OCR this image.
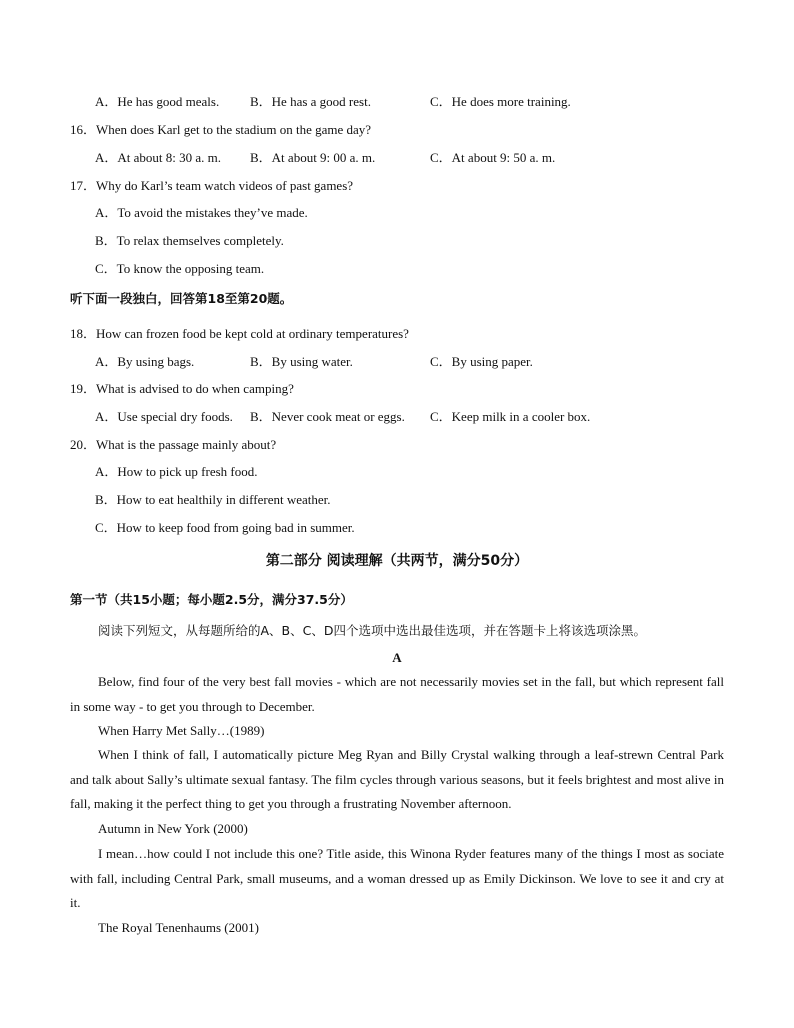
A．He has good meals. B．He has a good rest.	C．He does more training.
16．When does Karl get to the stadium on the game day?
A．At about 8: 30 a. m. B．At about 9: 00 a. m.	C．At about 9: 50 a. m.
17．Why do Karl’s team watch videos of past games?
A．To avoid the mistakes they’ve made.
B．To relax themselves completely.
C．To know the opposing team.
听下面一段独白，回答第18至第20题。
18．How can frozen food be kept cold at ordinary temperatures?
A．By using bags.	B．By using water.	C．By using paper.
19．What is advised to do when camping?
A．Use special dry foods. B．Never cook meat or eggs. C．Keep milk in a cooler box.
20．What is the passage mainly about?
A．How to pick up fresh food.
B．How to eat healthily in different weather.
C．How to keep food from going bad in summer.
第二部分 阅读理解（共两节，满分50分）
第一节（共15小题；每小题2.5分，满分37.5分）
阅读下列短文，从每题所给的A、B、C、D四个选项中选出最佳选项，并在答题卡上将该选项涂黑。
A
Below, find four of the very best fall movies - which are not necessarily movies set in the fall, but which represent fall in some way - to get you through to December.
When Harry Met Sally…(1989)
When I think of fall, I automatically picture Meg Ryan and Billy Crystal walking through a leaf-strewn Central Park and talk about Sally’s ultimate sexual fantasy. The film cycles through various seasons, but it feels brightest and most alive in fall, making it the perfect thing to get you through a frustrating November afternoon.
Autumn in New York (2000)
I mean…how could I not include this one? Title aside, this Winona Ryder features many of the things I most as sociate with fall, including Central Park, small museums, and a woman dressed up as Emily Dickinson. We love to see it and cry at it.
The Royal Tenenhaums (2001)
